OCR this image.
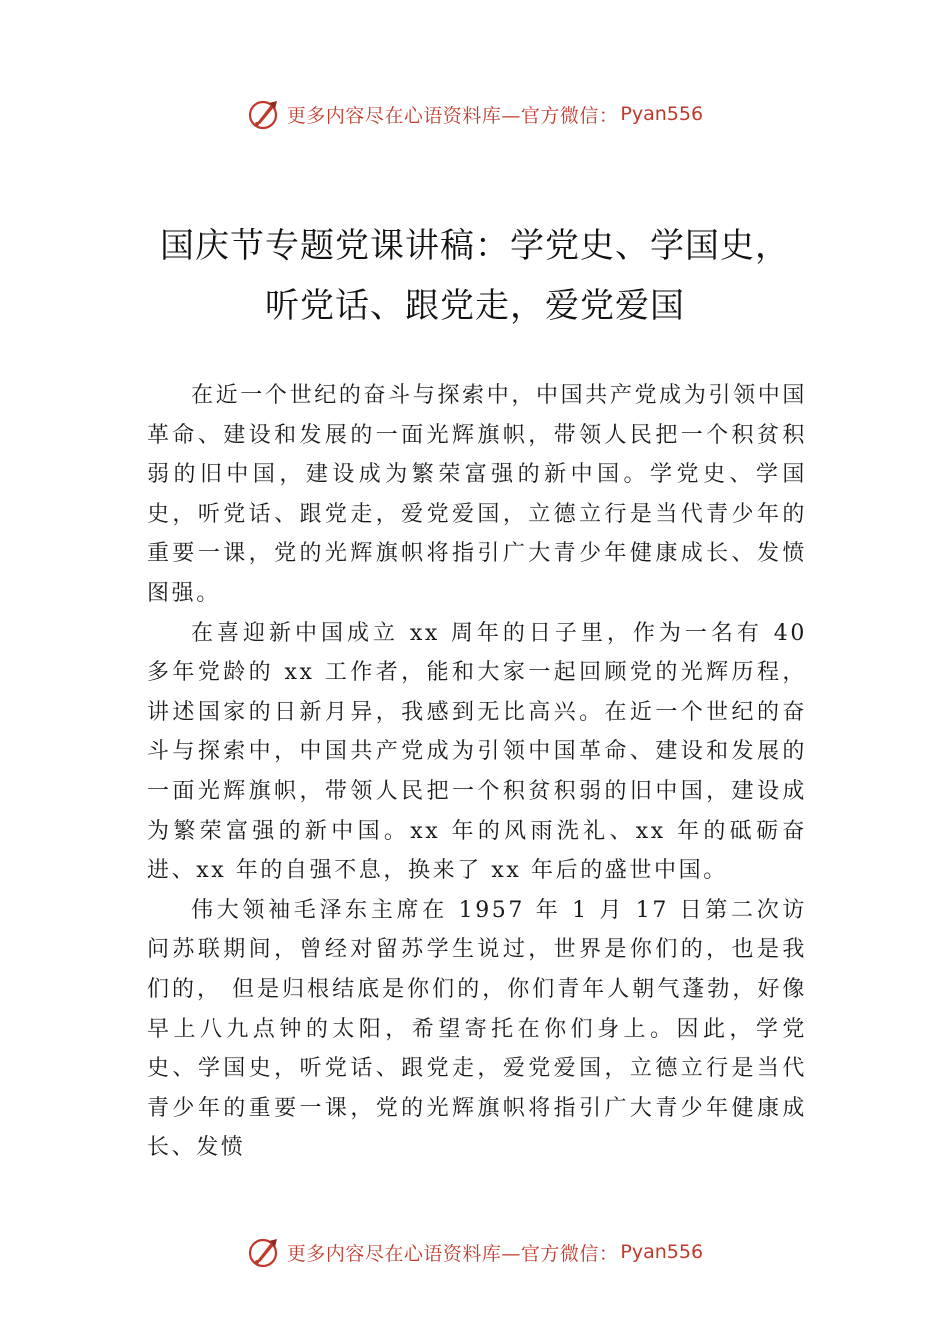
更多内容尽在心语资料库—官方微信： Pyan556
国庆节专题党课讲稿：学党史、学国史，
听党话、跟党走，爱党爱国

在近一个世纪的奋斗与探索中，中国共产党成为引领中国革命、建设和发展的一面光辉旗帜，带领人民把一个积贫积弱的旧中国，建设成为繁荣富强的新中国。学党史、学国史，听党话、跟党走，爱党爱国，立德立行是当代青少年的重要一课，党的光辉旗帜将指引广大青少年健康成长、发愤图强。

在喜迎新中国成立 xx 周年的日子里，作为一名有 40 多年党龄的 xx 工作者，能和大家一起回顾党的光辉历程，讲述国家的日新月异，我感到无比高兴。在近一个世纪的奋斗与探索中，中国共产党成为引领中国革命、建设和发展的一面光辉旗帜，带领人民把一个积贫积弱的旧中国，建设成为繁荣富强的新中国。xx 年的风雨洗礼、xx 年的砥砺奋进、xx 年的自强不息，换来了 xx 年后的盛世中国。

伟大领袖毛泽东主席在 1957 年 1 月 17 日第二次访问苏联期间，曾经对留苏学生说过，世界是你们的，也是我们的， 但是归根结底是你们的，你们青年人朝气蓬勃，好像早上八九点钟的太阳，希望寄托在你们身上。因此，学党史、学国史，听党话、跟党走，爱党爱国，立德立行是当代青少年的重要一课，党的光辉旗帜将指引广大青少年健康成长、发愤

更多内容尽在心语资料库—官方微信： Pyan556
